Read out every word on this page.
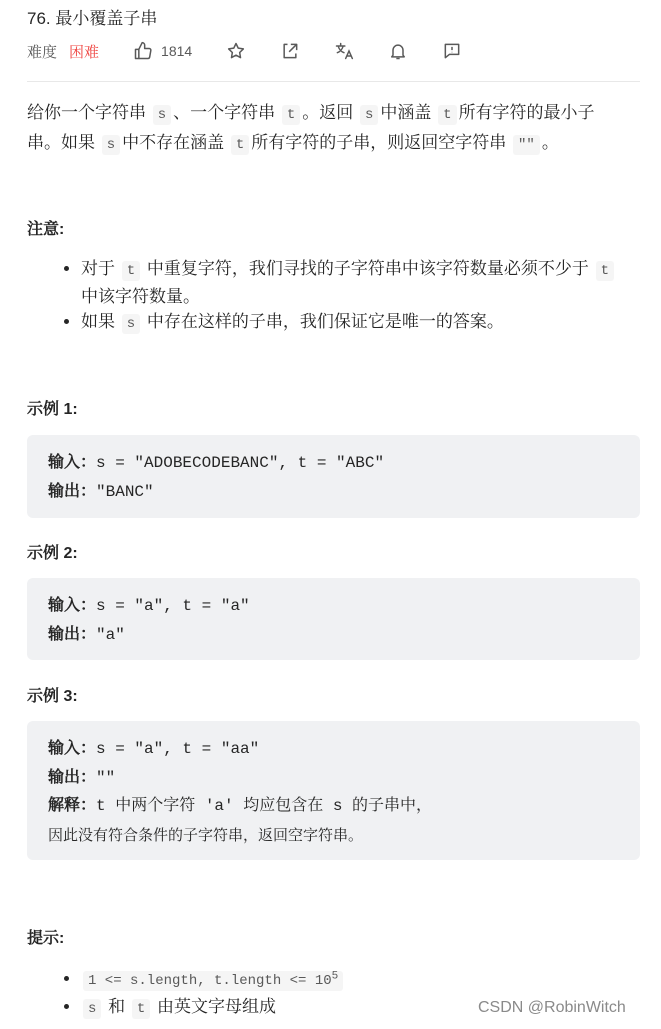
76. 最小覆盖子串
难度 困难	1814
给你一个字符串 s 、一个字符串 t 。返回 s 中涵盖 t 所有字符的最小子
串。如果 s 中不存在涵盖 t 所有字符的子串，则返回空字符串 ″″ 。
注意:
• 对于 t 中重复字符，我们寻找的子字符串中该字符数量必须不少于 t
中该字符数量。
• 如果 s 中存在这样的子串，我们保证它是唯一的答案。
示例 1:
输入：s = "ADOBECODEBANC", t = "ABC"
输出："BANC"
示例 2:
输入：s = "a", t = "a"
输出："a"
示例 3:
输入：s = "a", t = "aa"
输出：""
解释：t 中两个字符 'a' 均应包含在 s 的子串中，
因此没有符合条件的子字符串，返回空字符串。
提示:
• 1 <= s.length, t.length <= $10^5$
• s 和 t 由英文字母组成	CSDN @RobinWitch
